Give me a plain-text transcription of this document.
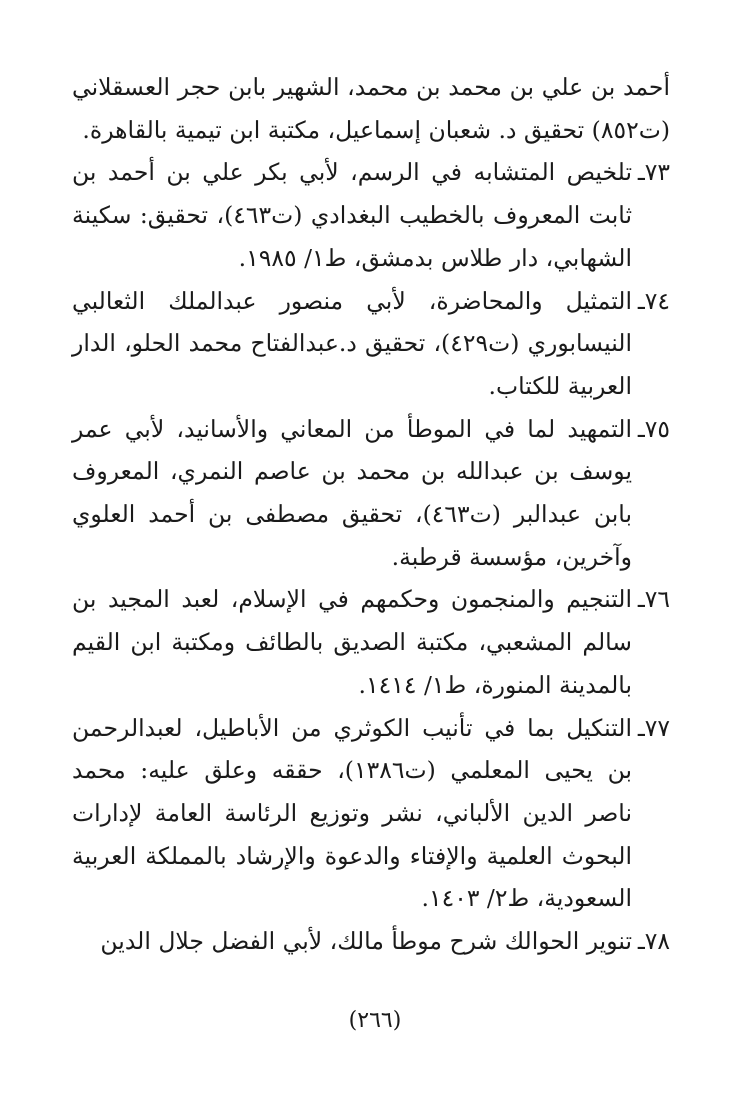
أحمد بن علي بن محمد بن محمد، الشهير بابن حجر العسقلاني (ت٨٥٢) تحقيق د. شعبان إسماعيل، مكتبة ابن تيمية بالقاهرة.
٧٣ ـ
تلخيص المتشابه في الرسم، لأبي بكر علي بن أحمد بن ثابت المعروف بالخطيب البغدادي (ت٤٦٣)، تحقيق: سكينة الشهابي، دار طلاس بدمشق، ط١/ ١٩٨٥.
٧٤ ـ
التمثيل والمحاضرة، لأبي منصور عبدالملك الثعالبي النيسابوري (ت٤٢٩)، تحقيق د.عبدالفتاح محمد الحلو، الدار العربية للكتاب.
٧٥ ـ
التمهيد لما في الموطأ من المعاني والأسانيد، لأبي عمر يوسف بن عبدالله بن محمد بن عاصم النمري، المعروف بابن عبدالبر (ت٤٦٣)، تحقيق مصطفى بن أحمد العلوي وآخرين، مؤسسة قرطبة.
٧٦ ـ
التنجيم والمنجمون وحكمهم في الإسلام، لعبد المجيد بن سالم المشعبي، مكتبة الصديق بالطائف ومكتبة ابن القيم بالمدينة المنورة، ط١/ ١٤١٤.
٧٧ ـ
التنكيل بما في تأنيب الكوثري من الأباطيل، لعبدالرحمن بن يحيى المعلمي (ت١٣٨٦)، حققه وعلق عليه: محمد ناصر الدين الألباني، نشر وتوزيع الرئاسة العامة لإدارات البحوث العلمية والإفتاء والدعوة والإرشاد بالمملكة العربية السعودية، ط٢/ ١٤٠٣.
٧٨ ـ
تنوير الحوالك شرح موطأ مالك، لأبي الفضل جلال الدين
(٢٦٦)
